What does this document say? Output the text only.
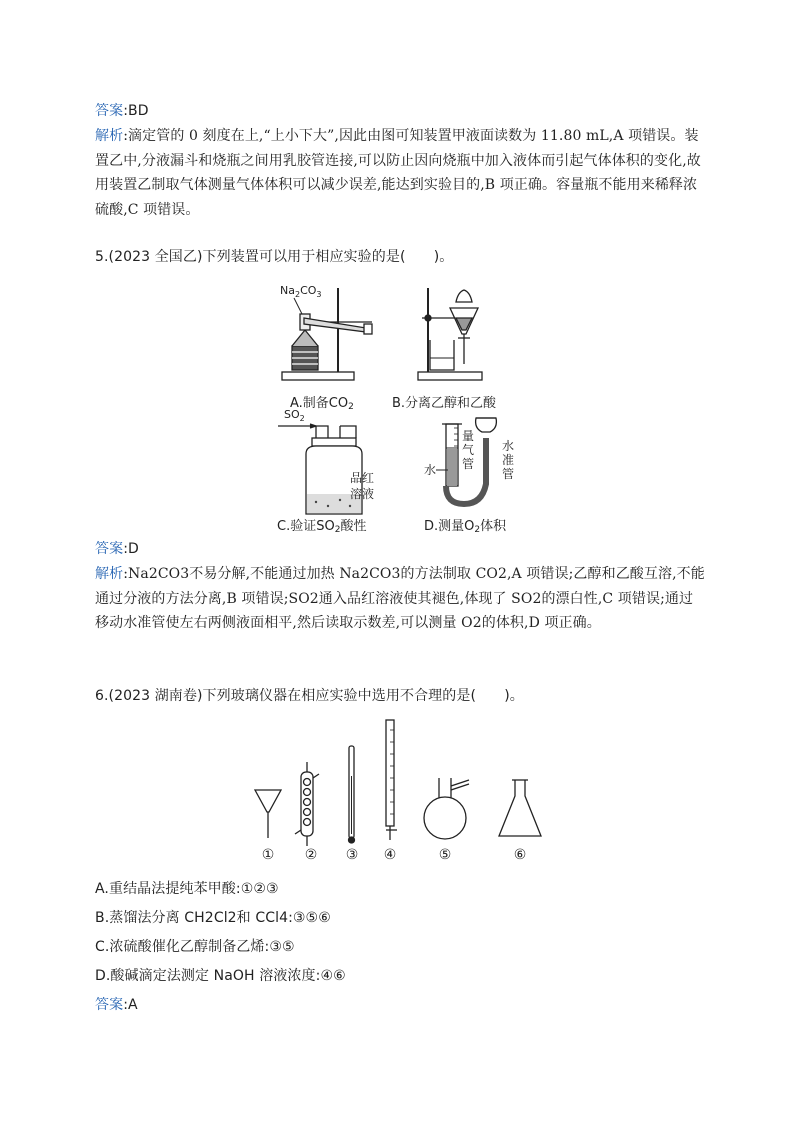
答案:BD
解析:滴定管的 0 刻度在上,“上小下大”,因此由图可知装置甲液面读数为 11.80 mL,A 项错误。装置乙中,分液漏斗和烧瓶之间用乳胶管连接,可以防止因向烧瓶中加入液体而引起气体体积的变化,故用装置乙制取气体测量气体体积可以减少误差,能达到实验目的,B 项正确。容量瓶不能用来稀释浓硫酸,C 项错误。
5.(2023 全国乙)下列装置可以用于相应实验的是(　　)。
$Na_2CO_3$
$SO_2$
品红
溶液
水
量气管
水准管
A.制备$CO_2$	B.分离乙醇和乙酸
C.验证$SO_2$酸性	D.测量$O_2$体积
答案:D
解析:Na2CO3不易分解,不能通过加热 Na2CO3的方法制取 CO2,A 项错误;乙醇和乙酸互溶,不能通过分液的方法分离,B 项错误;SO2通入品红溶液使其褪色,体现了 SO2的漂白性,C 项错误;通过移动水准管使左右两侧液面相平,然后读取示数差,可以测量 O2的体积,D 项正确。
6.(2023 湖南卷)下列玻璃仪器在相应实验中选用不合理的是(　　)。
① ② ③ ④	⑤	⑥
A.重结晶法提纯苯甲酸:①②③
B.蒸馏法分离 CH2Cl2和 CCl4:③⑤⑥
C.浓硫酸催化乙醇制备乙烯:③⑤
D.酸碱滴定法测定 NaOH 溶液浓度:④⑥
答案:A
